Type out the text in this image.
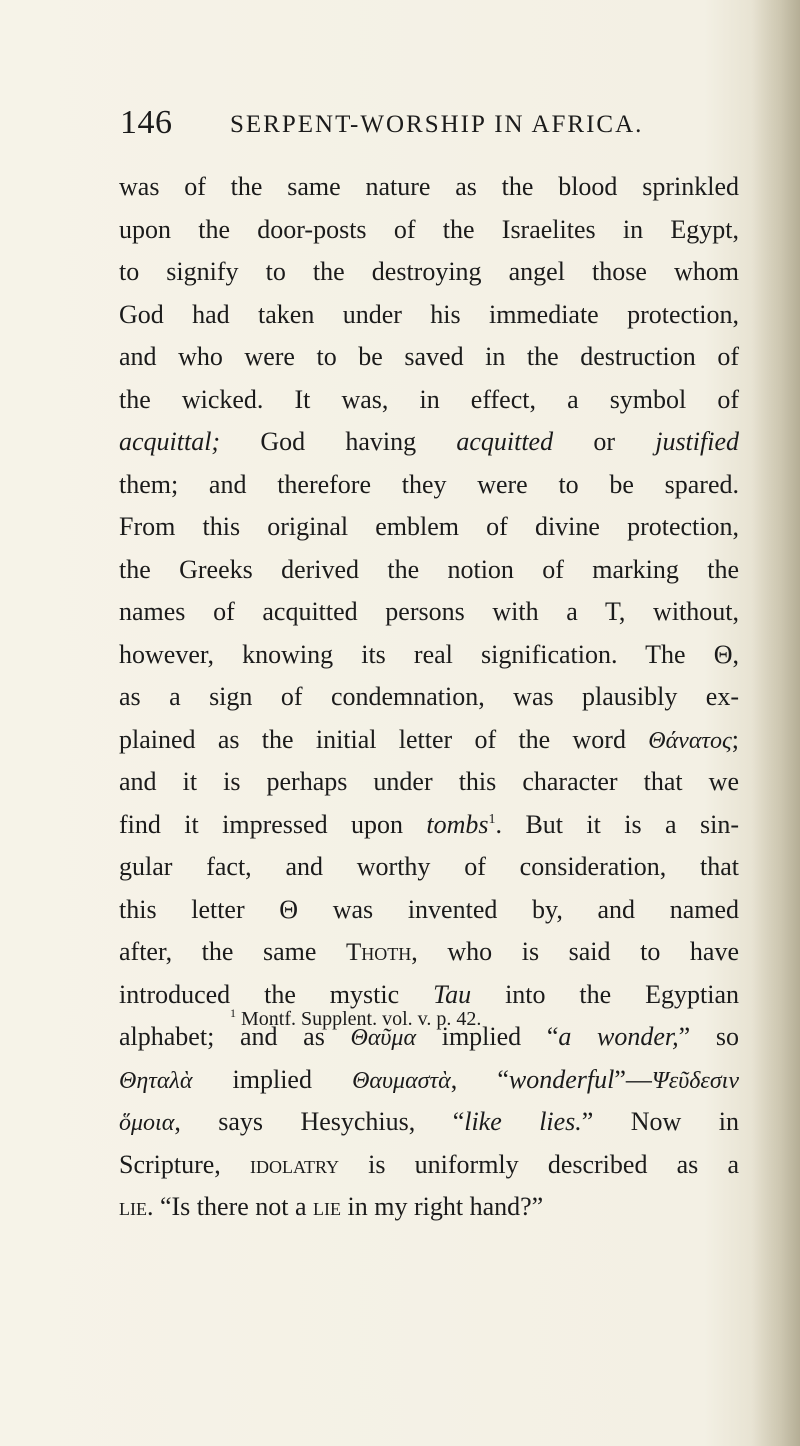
146 SERPENT-WORSHIP IN AFRICA.
was of the same nature as the blood sprinkled
upon the door-posts of the Israelites in Egypt,
to signify to the destroying angel those whom
God had taken under his immediate protection,
and who were to be saved in the destruction of
the wicked. It was, in effect, a symbol of
acquittal; God having acquitted or justified
them; and therefore they were to be spared.
From this original emblem of divine protection,
the Greeks derived the notion of marking the
names of acquitted persons with a T, without,
however, knowing its real signification. The Θ,
as a sign of condemnation, was plausibly ex-
plained as the initial letter of the word Θάνατος;
and it is perhaps under this character that we
find it impressed upon tombs$^1$. But it is a sin-
gular fact, and worthy of consideration, that
this letter Θ was invented by, and named
after, the same Thoth, who is said to have
introduced the mystic Tau into the Egyptian
alphabet; and as Θαῦμα implied “a wonder,” so
Θηταλὰ implied Θαυμαστὰ, “wonderful”—Ψεῦδεσιν
ὅμοια, says Hesychius, “like lies.” Now in
Scripture, idolatry is uniformly described as a
lie. “Is there not a lie in my right hand?”
$^1$ Montf. Supplent. vol. v. p. 42.
